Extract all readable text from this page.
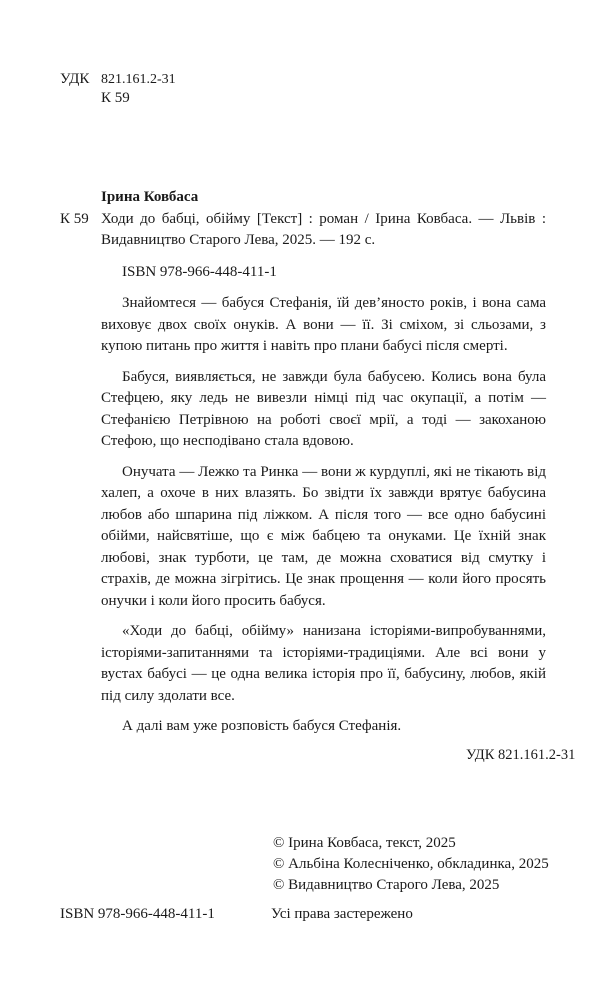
УДК 821.161.2-31
К 59
Ірина Ковбаса
К 59 Ходи до бабці, обійму [Текст] : роман / Ірина Ковбаса. — Львів : Видавництво Старого Лева, 2025. — 192 с.
ISBN 978-966-448-411-1

Знайомтеся — бабуся Стефанія, їй дев’яносто років, і вона сама виховує двох своїх онуків. А вони — її. Зі сміхом, зі сльозами, з купою питань про життя і навіть про плани бабусі після смерті.

Бабуся, виявляється, не завжди була бабусею. Колись вона була Стефцею, яку ледь не вивезли німці під час окупації, а потім — Стефанією Петрівною на роботі своєї мрії, а тоді — закоханою Стефою, що несподівано стала вдовою.

Онучата — Лежко та Ринка — вони ж курдуплі, які не тікають від халеп, а охоче в них влазять. Бо звідти їх завжди врятує бабусина любов або шпарина під ліжком. А після того — все одно бабусині обійми, найсвятіше, що є між бабцею та онуками. Це їхній знак любові, знак турботи, це там, де можна сховатися від смутку і страхів, де можна зігрітись. Це знак прощення — коли його просять онучки і коли його просить бабуся.

«Ходи до бабці, обійму» нанизана історіями-випробуваннями, історіями-запитаннями та історіями-традиціями. Але всі вони у вустах бабусі — це одна велика історія про її, бабусину, любов, якій під силу здолати все.

А далі вам уже розповість бабуся Стефанія.

УДК 821.161.2-31
© Ірина Ковбаса, текст, 2025
© Альбіна Колесніченко, обкладинка, 2025
© Видавництво Старого Лева, 2025
ISBN 978-966-448-411-1	Усі права застережено
